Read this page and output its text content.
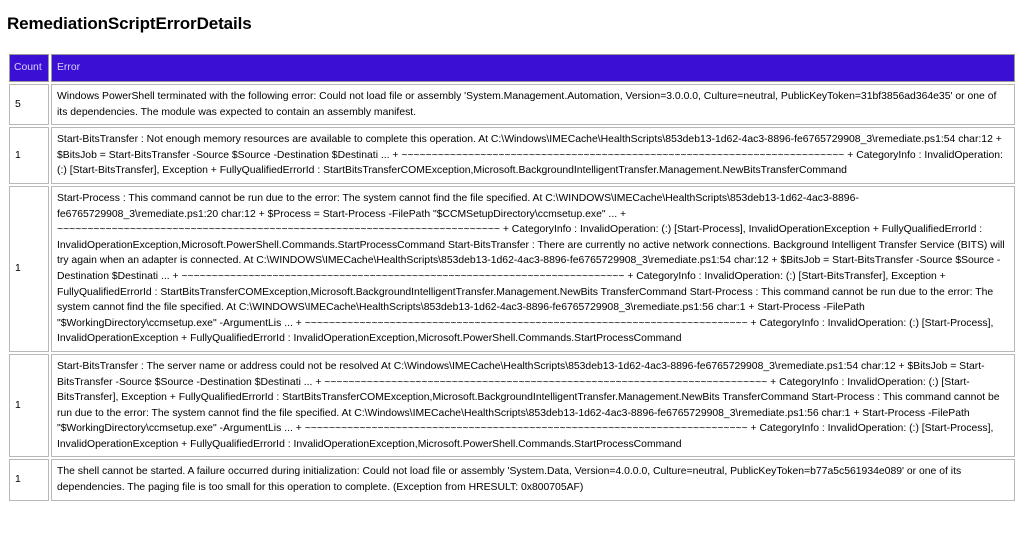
RemediationScriptErrorDetails
Count	Error
5	Windows PowerShell terminated with the following error: Could not load file or assembly 'System.Management.Automation, Version=3.0.0.0, Culture=neutral, PublicKeyToken=31bf3856ad364e35' or one of its dependencies. The module was expected to contain an assembly manifest.
1	Start-BitsTransfer : Not enough memory resources are available to complete this operation. At C:\Windows\IMECache\HealthScripts\853deb13-1d62-4ac3-8896-fe6765729908_3\remediate.ps1:54 char:12 + $BitsJob = Start-BitsTransfer -Source $Source -Destination $Destinati ... + ~~~~~~~~~~~~~~~~~~~~~~~~~~~~~~~~~~~~~~~~~~~~~~~~~~~~~~~~~~~~~~~~~~~~~~~~~ + CategoryInfo : InvalidOperation: (:) [Start-BitsTransfer], Exception + FullyQualifiedErrorId : StartBitsTransferCOMException,Microsoft.BackgroundIntelligentTransfer.Management.NewBitsTransferCommand
1	Start-Process : This command cannot be run due to the error: The system cannot find the file specified. At C:\WINDOWS\IMECache\HealthScripts\853deb13-1d62-4ac3-8896-fe6765729908_3\remediate.ps1:20 char:12 + $Process = Start-Process -FilePath "$CCMSetupDirectory\ccmsetup.exe" ... + ~~~~~~~~~~~~~~~~~~~~~~~~~~~~~~~~~~~~~~~~~~~~~~~~~~~~~~~~~~~~~~~~~~~~~~~~~ + CategoryInfo : InvalidOperation: (:) [Start-Process], InvalidOperationException + FullyQualifiedErrorId : InvalidOperationException,Microsoft.PowerShell.Commands.StartProcessCommand Start-BitsTransfer : There are currently no active network connections. Background Intelligent Transfer Service (BITS) will try again when an adapter is connected. At C:\WINDOWS\IMECache\HealthScripts\853deb13-1d62-4ac3-8896-fe6765729908_3\remediate.ps1:54 char:12 + $BitsJob = Start-BitsTransfer -Source $Source -Destination $Destinati ... + ~~~~~~~~~~~~~~~~~~~~~~~~~~~~~~~~~~~~~~~~~~~~~~~~~~~~~~~~~~~~~~~~~~~~~~~~~ + CategoryInfo : InvalidOperation: (:) [Start-BitsTransfer], Exception + FullyQualifiedErrorId : StartBitsTransferCOMException,Microsoft.BackgroundIntelligentTransfer.Management.NewBits TransferCommand Start-Process : This command cannot be run due to the error: The system cannot find the file specified. At C:\WINDOWS\IMECache\HealthScripts\853deb13-1d62-4ac3-8896-fe6765729908_3\remediate.ps1:56 char:1 + Start-Process -FilePath "$WorkingDirectory\ccmsetup.exe" -ArgumentLis ... + ~~~~~~~~~~~~~~~~~~~~~~~~~~~~~~~~~~~~~~~~~~~~~~~~~~~~~~~~~~~~~~~~~~~~~~~~~ + CategoryInfo : InvalidOperation: (:) [Start-Process], InvalidOperationException + FullyQualifiedErrorId : InvalidOperationException,Microsoft.PowerShell.Commands.StartProcessCommand
1	Start-BitsTransfer : The server name or address could not be resolved At C:\Windows\IMECache\HealthScripts\853deb13-1d62-4ac3-8896-fe6765729908_3\remediate.ps1:54 char:12 + $BitsJob = Start-BitsTransfer -Source $Source -Destination $Destinati ... + ~~~~~~~~~~~~~~~~~~~~~~~~~~~~~~~~~~~~~~~~~~~~~~~~~~~~~~~~~~~~~~~~~~~~~~~~~ + CategoryInfo : InvalidOperation: (:) [Start-BitsTransfer], Exception + FullyQualifiedErrorId : StartBitsTransferCOMException,Microsoft.BackgroundIntelligentTransfer.Management.NewBits TransferCommand Start-Process : This command cannot be run due to the error: The system cannot find the file specified. At C:\Windows\IMECache\HealthScripts\853deb13-1d62-4ac3-8896-fe6765729908_3\remediate.ps1:56 char:1 + Start-Process -FilePath "$WorkingDirectory\ccmsetup.exe" -ArgumentLis ... + ~~~~~~~~~~~~~~~~~~~~~~~~~~~~~~~~~~~~~~~~~~~~~~~~~~~~~~~~~~~~~~~~~~~~~~~~~ + CategoryInfo : InvalidOperation: (:) [Start-Process], InvalidOperationException + FullyQualifiedErrorId : InvalidOperationException,Microsoft.PowerShell.Commands.StartProcessCommand
1	The shell cannot be started. A failure occurred during initialization: Could not load file or assembly 'System.Data, Version=4.0.0.0, Culture=neutral, PublicKeyToken=b77a5c561934e089' or one of its dependencies. The paging file is too small for this operation to complete. (Exception from HRESULT: 0x800705AF)
